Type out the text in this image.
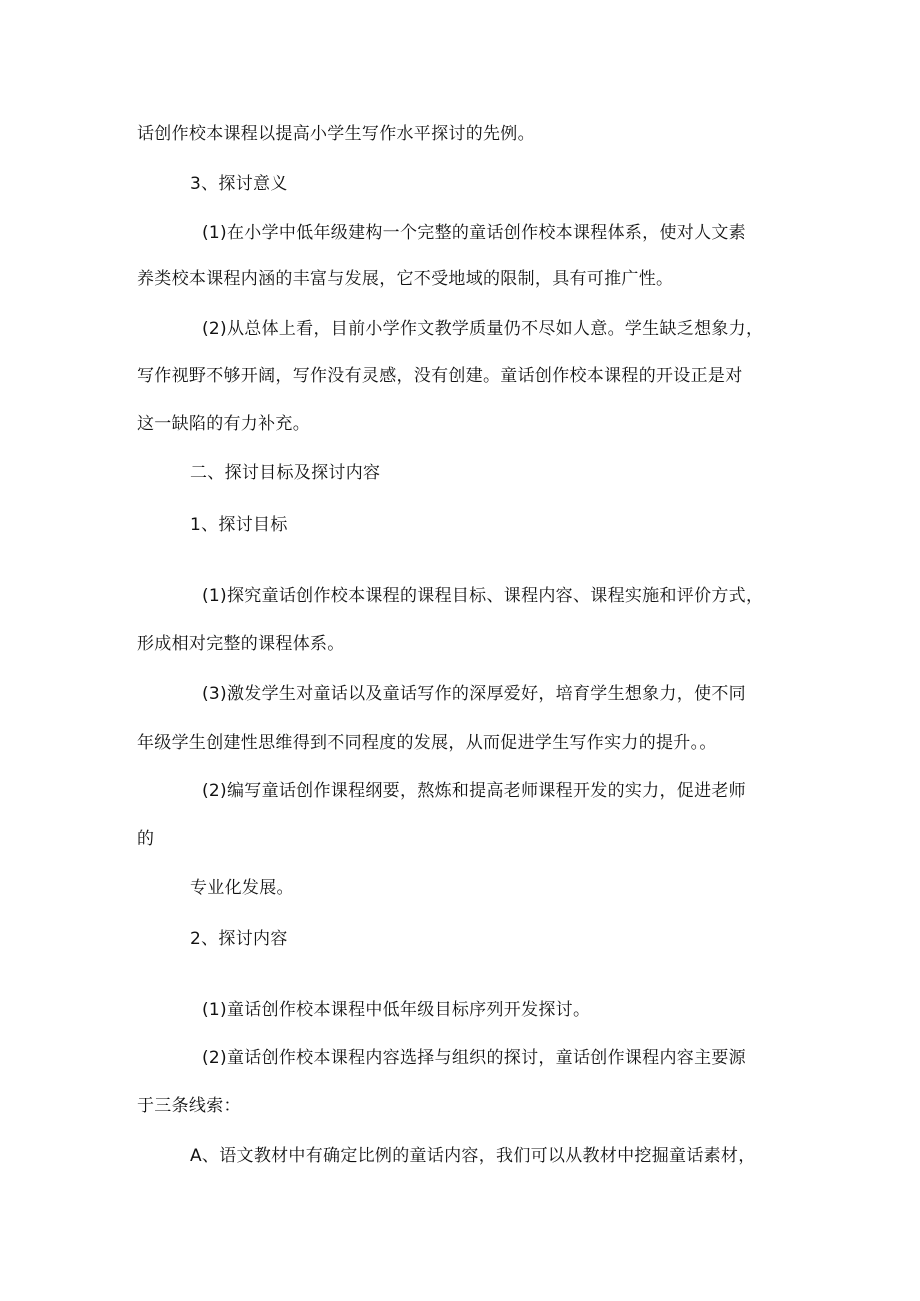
话创作校本课程以提高小学生写作水平探讨的先例。
3、探讨意义
(1)在小学中低年级建构一个完整的童话创作校本课程体系，使对人文素
养类校本课程内涵的丰富与发展，它不受地域的限制，具有可推广性。
(2)从总体上看，目前小学作文教学质量仍不尽如人意。学生缺乏想象力，
写作视野不够开阔，写作没有灵感，没有创建。童话创作校本课程的开设正是对
这一缺陷的有力补充。
二、探讨目标及探讨内容
1、探讨目标
(1)探究童话创作校本课程的课程目标、课程内容、课程实施和评价方式，
形成相对完整的课程体系。
(3)激发学生对童话以及童话写作的深厚爱好，培育学生想象力，使不同
年级学生创建性思维得到不同程度的发展，从而促进学生写作实力的提升。。
(2)编写童话创作课程纲要，熬炼和提高老师课程开发的实力，促进老师
的
专业化发展。
2、探讨内容
(1)童话创作校本课程中低年级目标序列开发探讨。
(2)童话创作校本课程内容选择与组织的探讨，童话创作课程内容主要源
于三条线索：
A、语文教材中有确定比例的童话内容，我们可以从教材中挖掘童话素材，
